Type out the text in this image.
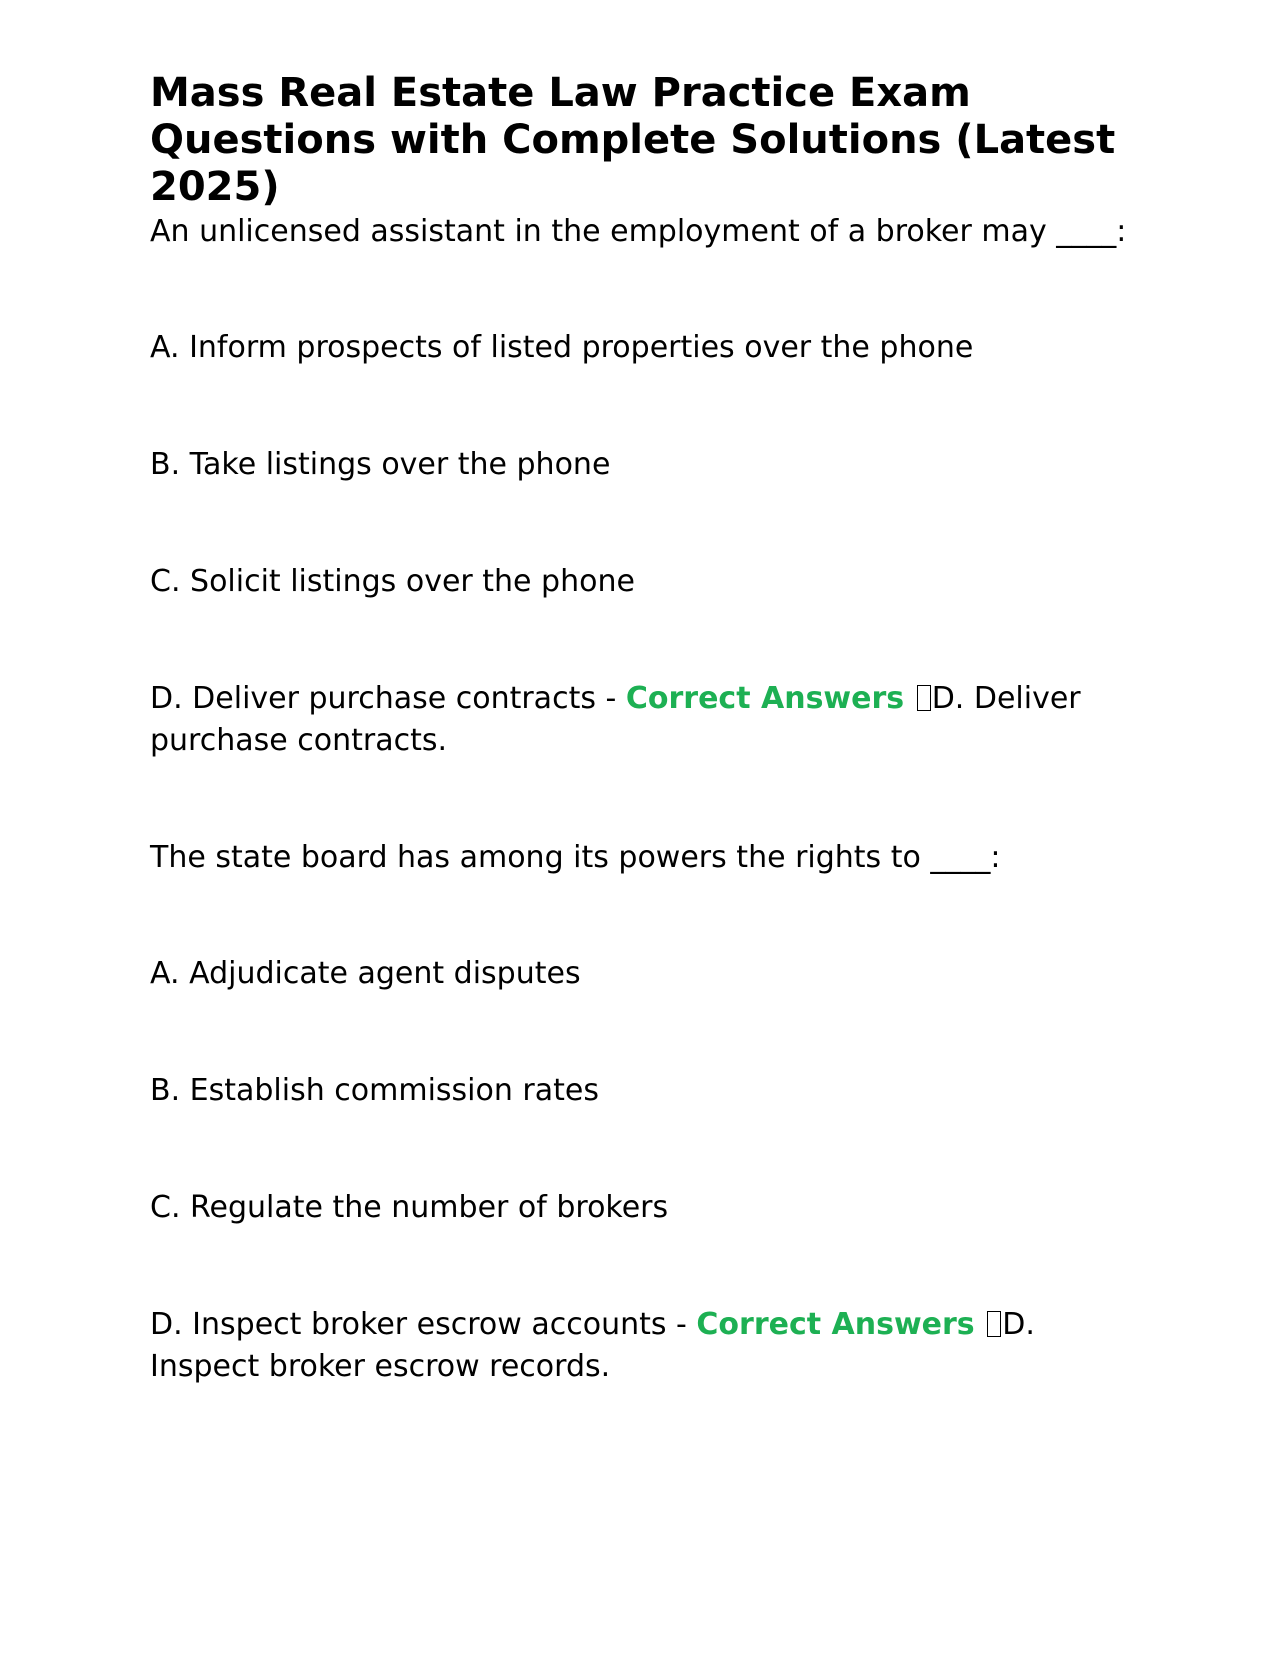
Mass Real Estate Law Practice Exam Questions with Complete Solutions (Latest 2025)

An unlicensed assistant in the employment of a broker may ____:

A. Inform prospects of listed properties over the phone

B. Take listings over the phone

C. Solicit listings over the phone

D. Deliver purchase contracts - Correct Answers D. Deliver purchase contracts.

The state board has among its powers the rights to ____:

A. Adjudicate agent disputes

B. Establish commission rates

C. Regulate the number of brokers

D. Inspect broker escrow accounts - Correct Answers D. Inspect broker escrow records.
